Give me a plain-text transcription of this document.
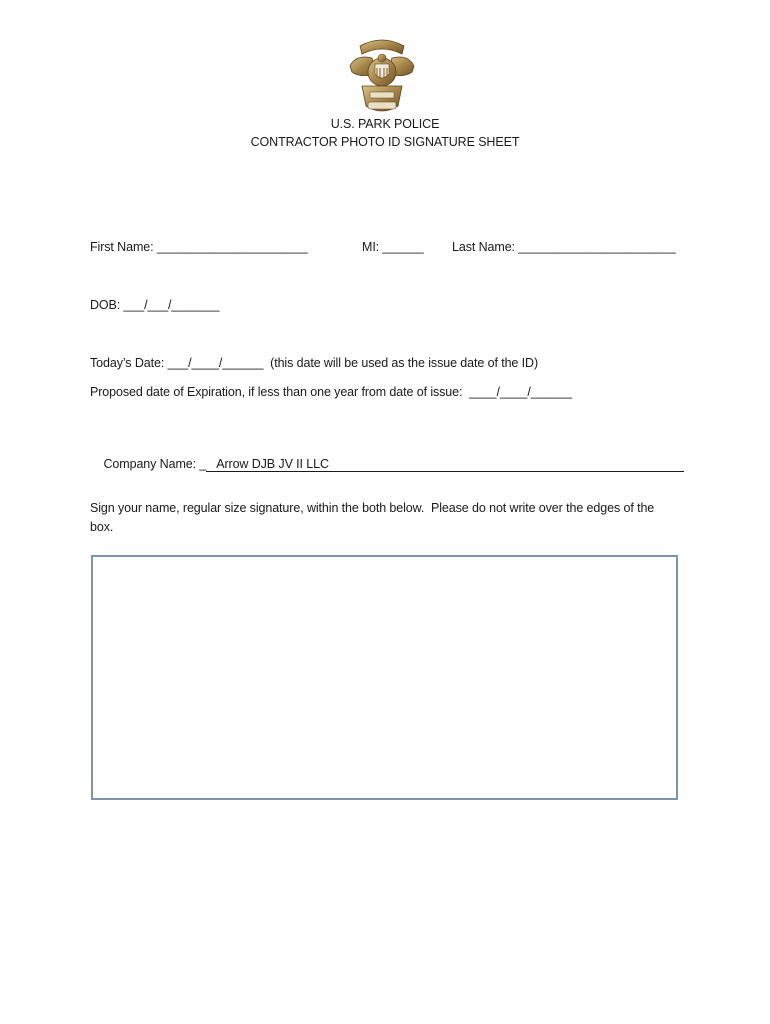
U.S. PARK POLICE
CONTRACTOR PHOTO ID SIGNATURE SHEET
First Name: ______________________	MI: ______ Last Name: _______________________
DOB: ___/___/_______
Today’s Date: ___/____/______  (this date will be used as the issue date of the ID)
Proposed date of Expiration, if less than one year from date of issue:  ____/____/______

Company Name: _ Arrow DJB JV II LLC

Sign your name, regular size signature, within the both below.  Please do not write over the edges of the
box.
